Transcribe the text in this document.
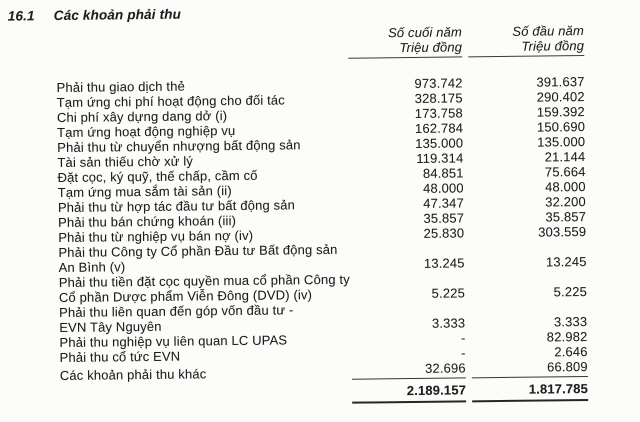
16.1	Các khoản phải thu
Số cuối năm
Triệu đồng
Số đầu năm
Triệu đồng
Phải thu giao dịch thẻ	973.742	391.637
Tạm ứng chi phí hoạt động cho đối tác	328.175	290.402
Chi phí xây dựng dang dở (i)	173.758	159.392
Tạm ứng hoạt động nghiệp vụ	162.784	150.690
Phải thu từ chuyển nhượng bất động sản	135.000	135.000
Tài sản thiếu chờ xử lý	119.314	21.144
Đặt cọc, ký quỹ, thế chấp, cầm cố	84.851	75.664
Tạm ứng mua sắm tài sản (ii)	48.000	48.000
Phải thu từ hợp tác đầu tư bất động sản	47.347	32.200
Phải thu bán chứng khoán (iii)	35.857	35.857
Phải thu từ nghiệp vụ bán nợ (iv)	25.830	303.559
Phải thu Công ty Cổ phần Đầu tư Bất động sản
An Bình (v)	13.245	13.245
Phải thu tiền đặt cọc quyền mua cổ phần Công ty
Cổ phần Dược phẩm Viễn Đông (DVD) (iv)	5.225	5.225
Phải thu liên quan đến góp vốn đầu tư -
EVN Tây Nguyên	3.333	3.333
Phải thu nghiệp vụ liên quan LC UPAS	-	82.982
Phải thu cổ tức EVN	-	2.646
Các khoản phải thu khác	32.696	66.809
2.189.157	1.817.785
